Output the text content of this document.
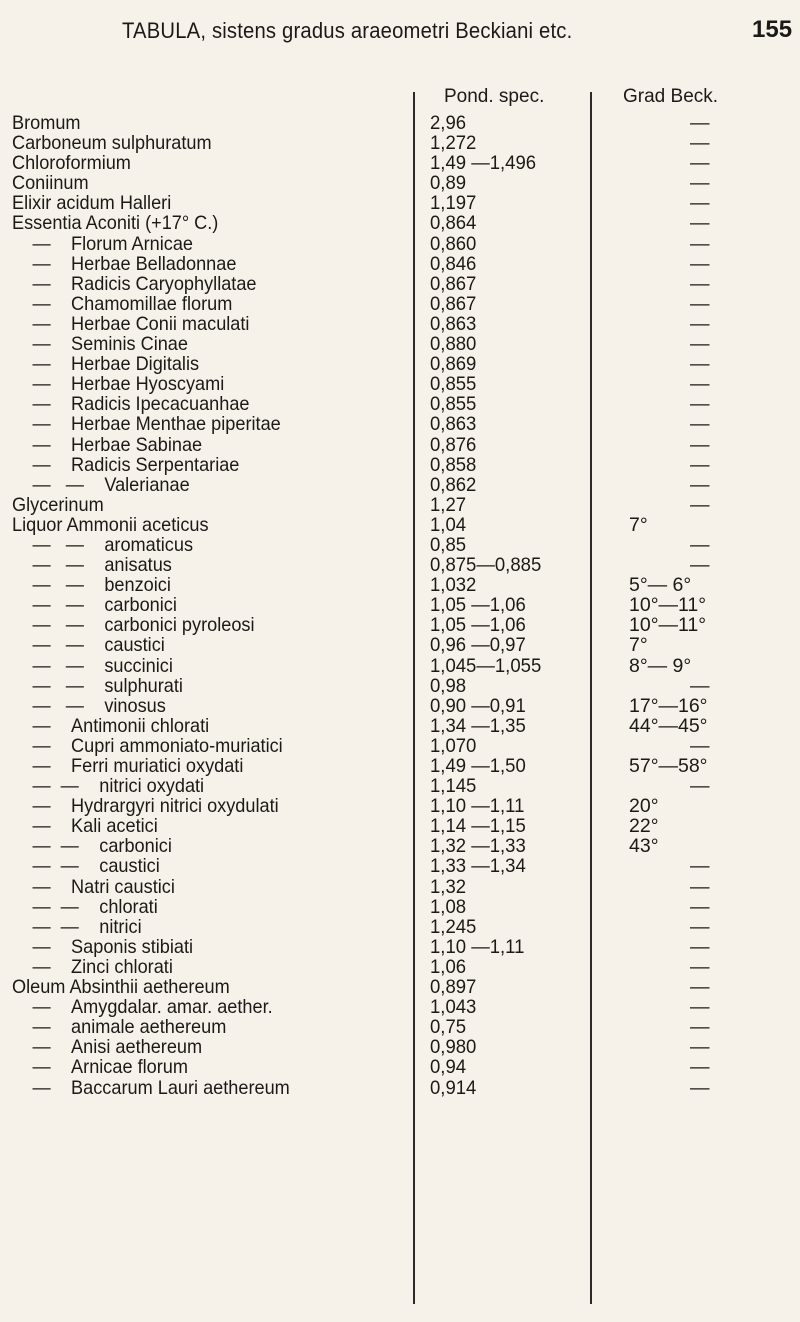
TABULA, sistens gradus araeometri Beckiani etc.	155
Pond. spec.	Grad Beck.
Bromum	2,96	—
Carboneum sulphuratum	1,272	—
Chloroformium	1,49 —1,496	—
Coniinum	0,89	—
Elixir acidum Halleri	1,197	—
Essentia Aconiti (+17° C.)	0,864	—
— Florum Arnicae	0,860	—
— Herbae Belladonnae	0,846	—
— Radicis Caryophyllatae	0,867	—
— Chamomillae florum	0,867	—
— Herbae Conii maculati	0,863	—
— Seminis Cinae	0,880	—
— Herbae Digitalis	0,869	—
— Herbae Hyoscyami	0,855	—
— Radicis Ipecacuanhae	0,855	—
— Herbae Menthae piperitae	0,863	—
— Herbae Sabinae	0,876	—
— Radicis Serpentariae	0,858	—
—   — Valerianae	0,862	—
Glycerinum	1,27	—
Liquor Ammonii aceticus	1,04	7°
—   — aromaticus	0,85	—
—   — anisatus	0,875—0,885	—
—   — benzoici	1,032	5°— 6°
—   — carbonici	1,05 —1,06	10°—11°
—   — carbonici pyroleosi	1,05 —1,06	10°—11°
—   — caustici	0,96 —0,97	7°
—   — succinici	1,045—1,055	8°— 9°
—   — sulphurati	0,98	—
—   — vinosus	0,90 —0,91	17°—16°
— Antimonii chlorati	1,34 —1,35	44°—45°
— Cupri ammoniato-muriatici	1,070	—
— Ferri muriatici oxydati	1,49 —1,50	57°—58°
—  — nitrici oxydati	1,145	—
— Hydrargyri nitrici oxydulati	1,10 —1,11	20°
— Kali acetici	1,14 —1,15	22°
—  — carbonici	1,32 —1,33	43°
—  — caustici	1,33 —1,34	—
— Natri caustici	1,32	—
—  — chlorati	1,08	—
—  — nitrici	1,245	—
— Saponis stibiati	1,10 —1,11	—
— Zinci chlorati	1,06	—
Oleum Absinthii aethereum	0,897	—
— Amygdalar. amar. aether.	1,043	—
— animale aethereum	0,75	—
— Anisi aethereum	0,980	—
— Arnicae florum	0,94	—
— Baccarum Lauri aethereum	0,914	—
